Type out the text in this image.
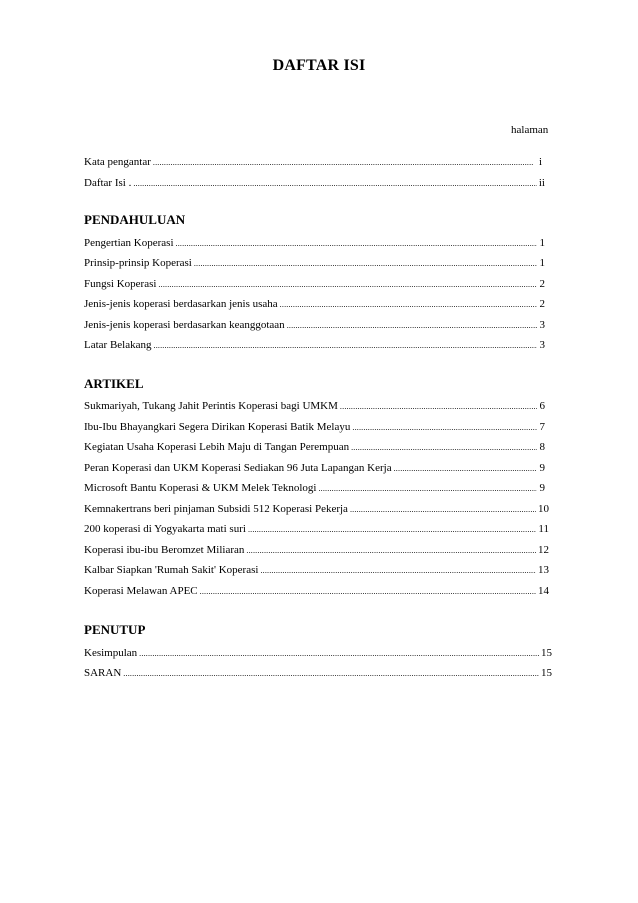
DAFTAR ISI
halaman
Kata pengantar .....	i
Daftar Isi . .....	ii
PENDAHULUAN
Pengertian Koperasi .....	1
Prinsip-prinsip Koperasi .....	1
Fungsi Koperasi .....	2
Jenis-jenis koperasi berdasarkan jenis usaha .....	2
Jenis-jenis koperasi berdasarkan keanggotaan .....	3
Latar Belakang .....	3
ARTIKEL
Sukmariyah, Tukang Jahit Perintis Koperasi bagi UMKM .....	6
Ibu-Ibu Bhayangkari Segera Dirikan Koperasi Batik Melayu .....	7
Kegiatan Usaha Koperasi Lebih Maju di Tangan Perempuan .....	8
Peran Koperasi dan UKM Koperasi Sediakan 96 Juta Lapangan Kerja .....	9
Microsoft Bantu Koperasi & UKM Melek Teknologi .....	9
Kemnakertrans beri pinjaman Subsidi 512 Koperasi Pekerja .....	10
200 koperasi di Yogyakarta mati suri .....	11
Koperasi ibu-ibu Beromzet Miliaran .....	12
Kalbar Siapkan 'Rumah Sakit' Koperasi .....	13
Koperasi Melawan APEC .....	14
PENUTUP
Kesimpulan .....	15
SARAN .....	15
